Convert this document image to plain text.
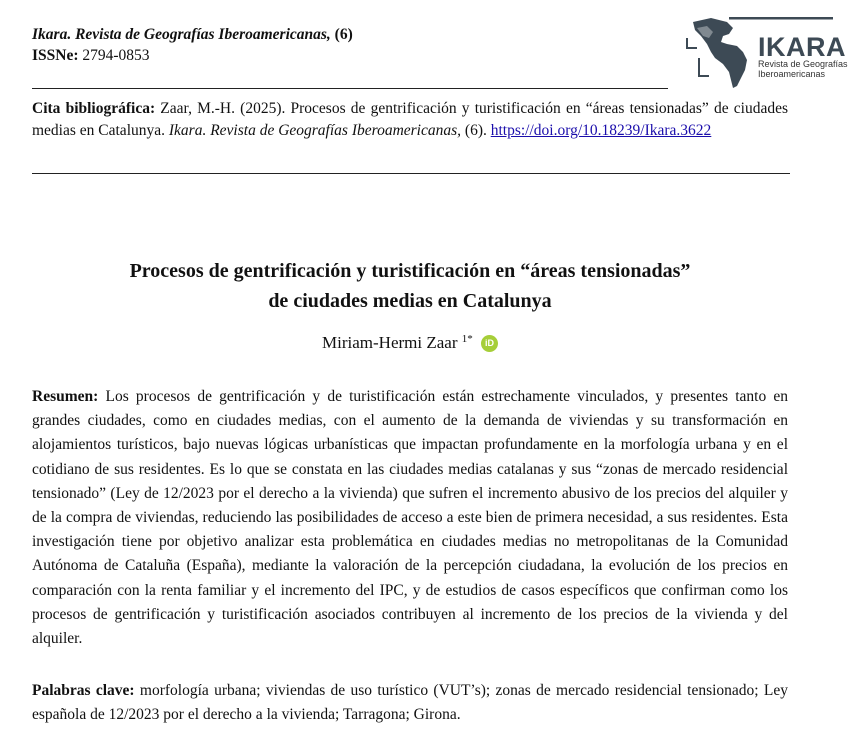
Ikara. Revista de Geografías Iberoamericanas, (6)
ISSNe: 2794-0853	IKARA
Revista de Geografías
Iberoamericanas
Cita bibliográfica: Zaar, M.-H. (2025). Procesos de gentrificación y turistificación en “áreas tensionadas” de ciudades medias en Catalunya. Ikara. Revista de Geografías Iberoamericanas, (6). https://doi.org/10.18239/Ikara.3622
Procesos de gentrificación y turistificación en “áreas tensionadas”
de ciudades medias en Catalunya
Miriam-Hermi Zaar $^{1*}$ iD
Resumen: Los procesos de gentrificación y de turistificación están estrechamente vinculados, y presentes tanto en grandes ciudades, como en ciudades medias, con el aumento de la demanda de viviendas y su transformación en alojamientos turísticos, bajo nuevas lógicas urbanísticas que impactan profundamente en la morfología urbana y en el cotidiano de sus residentes. Es lo que se constata en las ciudades medias catalanas y sus “zonas de mercado residencial tensionado” (Ley de 12/2023 por el derecho a la vivienda) que sufren el incremento abusivo de los precios del alquiler y de la compra de viviendas, reduciendo las posibilidades de acceso a este bien de primera necesidad, a sus residentes. Esta investigación tiene por objetivo analizar esta problemática en ciudades medias no metropolitanas de la Comunidad Autónoma de Cataluña (España), mediante la valoración de la percepción ciudadana, la evolución de los precios en comparación con la renta familiar y el incremento del IPC, y de estudios de casos específicos que confirman como los procesos de gentrificación y turistificación asociados contribuyen al incremento de los precios de la vivienda y del alquiler.
Palabras clave: morfología urbana; viviendas de uso turístico (VUT’s); zonas de mercado residencial tensionado; Ley española de 12/2023 por el derecho a la vivienda; Tarragona; Girona.
